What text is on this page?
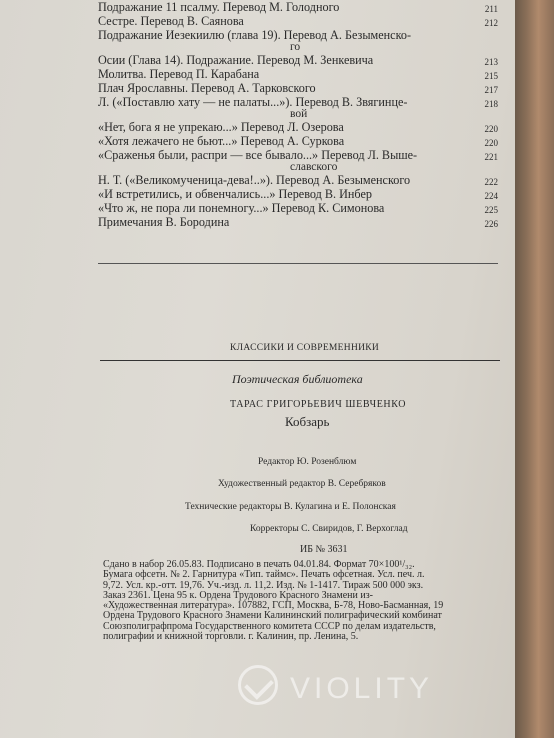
Подражание 11 псалму. Перевод М. Голодного	211
Сестре. Перевод В. Саянова	212
Подражание Иезекиилю (глава 19). Перевод А. Безыменско-
го
Осии (Глава 14). Подражание. Перевод М. Зенкевича	213
Молитва. Перевод П. Карабана	215
Плач Ярославны. Перевод А. Тарковского	217
Л. («Поставлю хату — не палаты...»). Перевод В. Звягинце-	218
вой
«Нет, бога я не упрекаю...» Перевод Л. Озерова	220
«Хотя лежачего не бьют...» Перевод А. Суркова	220
«Сраженья были, распри — все бывало...» Перевод Л. Выше-	221
славского
Н. Т. («Великомученица-дева!..»). Перевод А. Безыменского	222
«И встретились, и обвенчались...» Перевод В. Инбер	224
«Что ж, не пора ли понемногу...» Перевод К. Симонова	225
Примечания В. Бородина	226
КЛАССИКИ И СОВРЕМЕННИКИ
Поэтическая библиотека
ТАРАС ГРИГОРЬЕВИЧ ШЕВЧЕНКО
Кобзарь
Редактор Ю. Розенблюм
Художественный редактор В. Серебряков
Технические редакторы В. Кулагина и Е. Полонская
Корректоры С. Свиридов, Г. Верхоглад
ИБ № 3631
Сдано в набор 26.05.83. Подписано в печать 04.01.84. Формат 70×100¹/₃₂.
Бумага офсетн. № 2. Гарнитура «Тип. таймс». Печать офсетная. Усл. печ. л.
9,72. Усл. кр.-отт. 19,76. Уч.-изд. л. 11,2. Изд. № 1-1417. Тираж 500 000 экз.
Заказ 2361. Цена 95 к. Ордена Трудового Красного Знамени из-
«Художественная литература». 107882, ГСП, Москва, Б-78, Ново-Басманная, 19
Ордена Трудового Красного Знамени Калининский полиграфический комбинат
Союзполиграфпрома Государственного комитета СССР по делам издательств,
полиграфии и книжной торговли. г. Калинин, пр. Ленина, 5.
VIOLITY
